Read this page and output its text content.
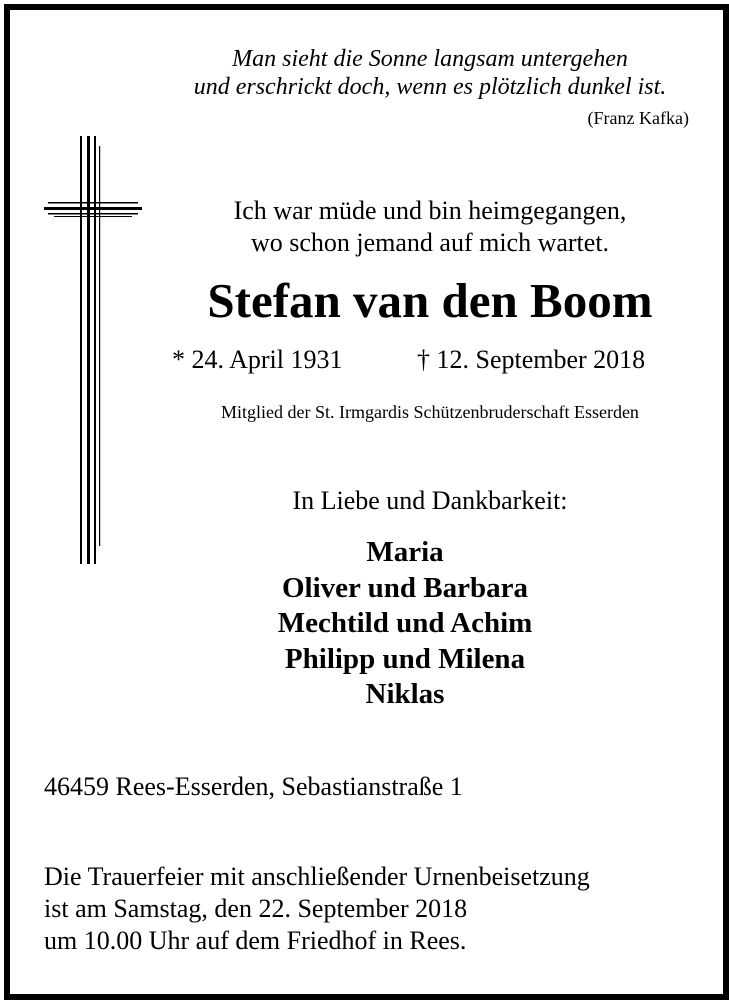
Man sieht die Sonne langsam untergehen
und erschrickt doch, wenn es plötzlich dunkel ist.
(Franz Kafka)
Ich war müde und bin heimgegangen,
wo schon jemand auf mich wartet.
Stefan van den Boom
* 24. April 1931	† 12. September 2018
Mitglied der St. Irmgardis Schützenbruderschaft Esserden
In Liebe und Dankbarkeit:
Maria
Oliver und Barbara
Mechtild und Achim
Philipp und Milena
Niklas
46459 Rees-Esserden, Sebastianstraße 1
Die Trauerfeier mit anschließender Urnenbeisetzung
ist am Samstag, den 22. September 2018
um 10.00 Uhr auf dem Friedhof in Rees.
